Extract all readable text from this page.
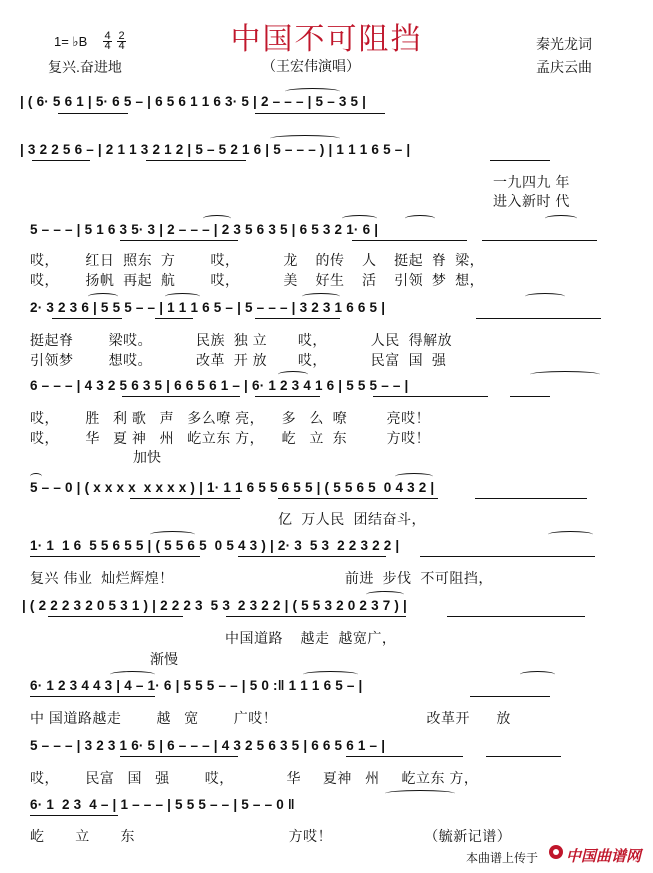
中国不可阻挡
1= ♭B 4
4
2
4
复兴.奋进地	（王宏伟演唱）
秦光龙词
孟庆云曲
| ( 6· 5 6 1 | 5· 6 5 – | 6 5 6 1 1 6 3· 5 | 2 – – – | 5 – 3 5 |
| 3 2 2 5 6 – | 2 1 1 3 2 1 2 | 5 – 5 2 1 6 | 5 – – – ) | 1 1 1 6 5 – |
一九四九 年
进入新时 代
5 – – – | 5 1 6 3 5· 3 | 2 – – – | 2 3 5 6 3 5 | 6 5 3 2 1· 6 |
哎，      红日  照东  方        哎，          龙    的传    人    挺起  脊  梁，
哎，      扬帆  再起  航        哎，          美    好生    活    引领  梦  想，
2· 3 2 3 6 | 5 5 5 – – | 1 1 1 6 5 – | 5 – – – | 3 2 3 1 6 6 5 |
挺起脊        梁哎。          民族  独 立       哎，          人民  得解放
引领梦        想哎。          改革  开 放       哎，          民富  国  强
6 – – – | 4 3 2 5 6 3 5 | 6 6 5 6 1 – | 6· 1 2 3 4 1 6 | 5 5 5 – – |
哎，      胜   利 歌   声   多么嘹 亮，    多   么  嘹         亮哎！
哎，      华   夏 神   州   屹立东 方，    屹   立  东         方哎！
加快
5 – – 0 | ( x x x x  x x x x ) | 1· 1 1 6 5 5 6 5 5 | ( 5 5 6 5  0 4 3 2 |
亿  万人民  团结奋斗，
1· 1  1 6  5 5 6 5 5 | ( 5 5 6 5  0 5 4 3 ) | 2· 3  5 3  2 2 3 2 2 |
复兴 伟业  灿烂辉煌！                                       前进  步伐  不可阻挡，
| ( 2 2 2 3 2 0 5 3 1 ) | 2 2 2 3  5 3  2 3 2 2 | ( 5 5 3 2 0 2 3 7 ) |
中国道路    越走  越宽广，
渐慢
6· 1 2 3 4 4 3 | 4 – 1· 6 | 5 5 5 – – | 5 0 :‖ 1 1 1 6 5 – |
中 国道路越走        越   宽        广哎！                                  改革开      放
5 – – – | 3 2 3 1 6· 5 | 6 – – – | 4 3 2 5 6 3 5 | 6 6 5 6 1 – |
哎，      民富   国   强        哎，            华     夏神   州     屹立东 方，
6· 1  2 3  4 – | 1 – – – | 5 5 5 – – | 5 – – 0 ‖
屹       立       东                                   方哎！                     （毓新记谱）
本曲谱上传于 中国曲谱网
